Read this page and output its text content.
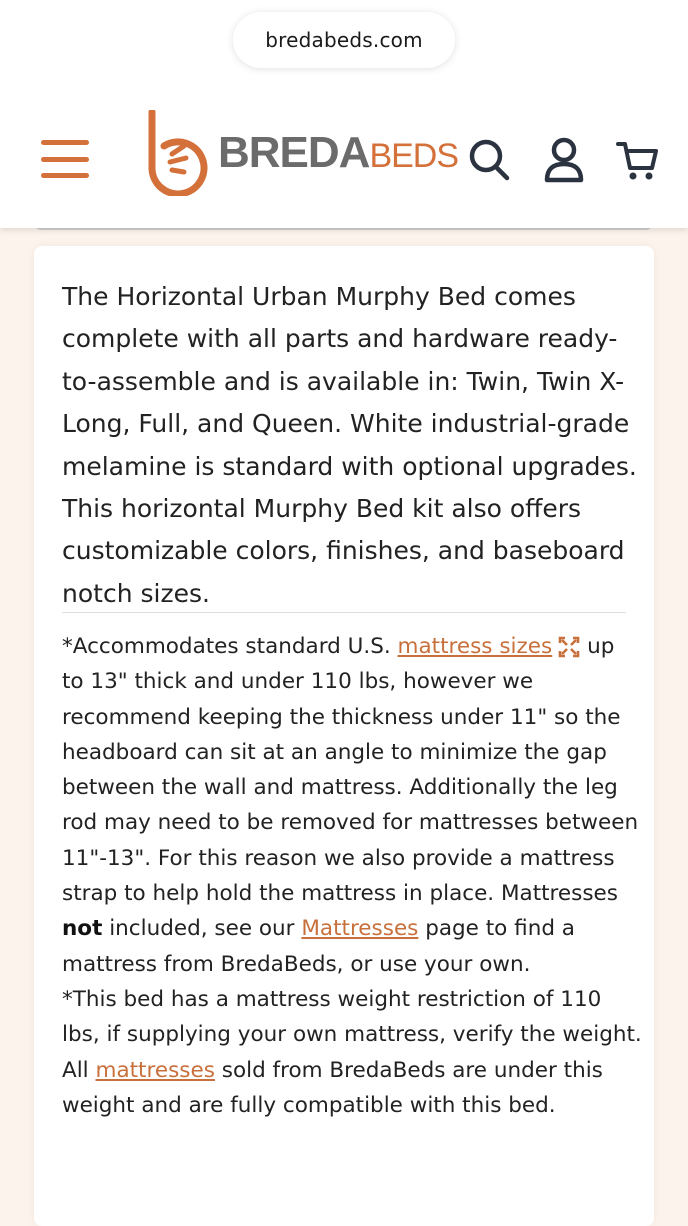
bredabeds.com
BREDA BEDS

The Horizontal Urban Murphy Bed comes complete with all parts and hardware ready-to-assemble and is available in: Twin, Twin X-Long, Full, and Queen. White industrial-grade melamine is standard with optional upgrades. This horizontal Murphy Bed kit also offers customizable colors, finishes, and baseboard notch sizes.

*Accommodates standard U.S. mattress sizes up to 13" thick and under 110 lbs, however we recommend keeping the thickness under 11" so the headboard can sit at an angle to minimize the gap between the wall and mattress. Additionally the leg rod may need to be removed for mattresses between 11"-13". For this reason we also provide a mattress strap to help hold the mattress in place. Mattresses not included, see our Mattresses page to find a mattress from BredaBeds, or use your own.
*This bed has a mattress weight restriction of 110 lbs, if supplying your own mattress, verify the weight. All mattresses sold from BredaBeds are under this weight and are fully compatible with this bed.
